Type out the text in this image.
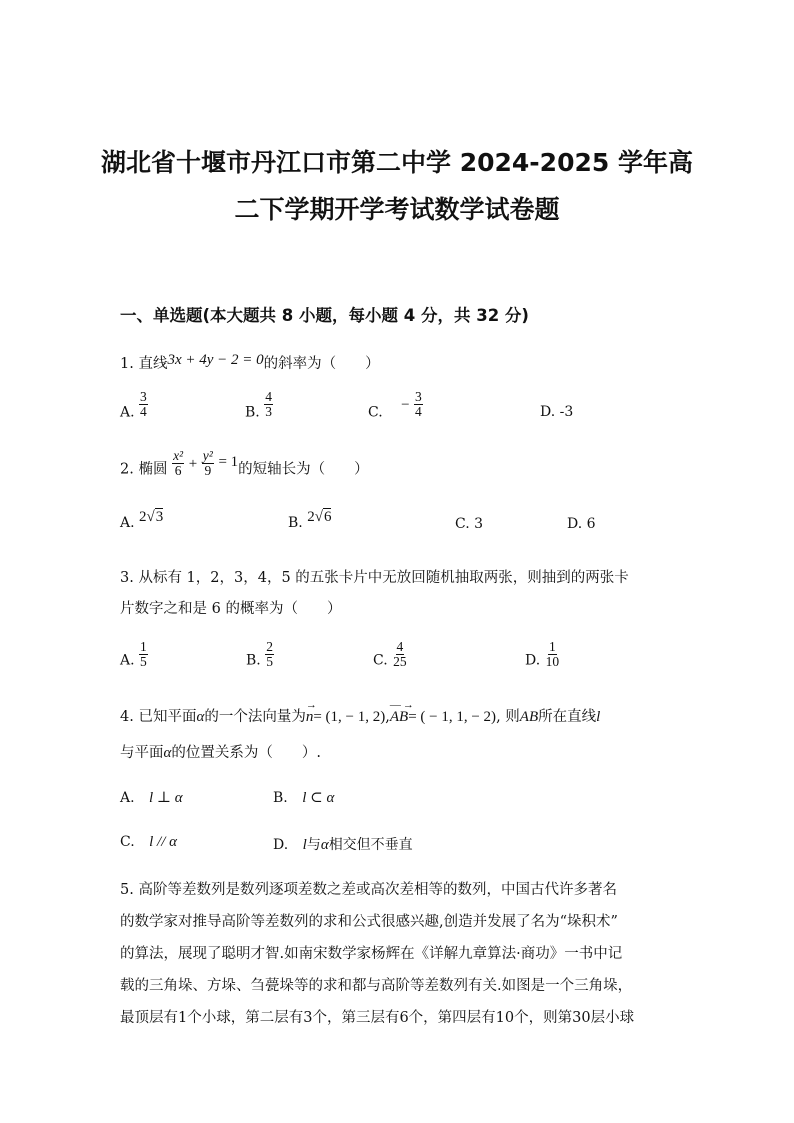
湖北省十堰市丹江口市第二中学 2024-2025 学年高
二下学期开学考试数学试卷题
一、单选题(本大题共 8 小题，每小题 4 分，共 32 分)
1. 直线3x + 4y − 2 = 0的斜率为（　　）
A. $\frac{3}{4}$	B. $\frac{4}{3}$	C. − $\frac{3}{4}$	D. -3
2. 椭圆 $\frac{\text{x²}}{6} + \frac{\text{y²}}{9} = 1$的短轴长为（　　）
A. 2√3	B. 2√6	C. 3	D. 6
3. 从标有 1，2，3，4，5 的五张卡片中无放回随机抽取两张，则抽到的两张卡
片数字之和是 6 的概率为（　　）
A. $\frac{1}{5}$	B. $\frac{2}{5}$	C. $\frac{4}{25}$	D. $\frac{1}{10}$
4. 已知平面α的一个法向量为
→
n= (1, − 1, 2),
—→
AB= ( − 1, 1, − 2), 则AB所在直线l
与平面α的位置关系为（　　）.
A. l ⊥ α	B. l ⊂ α
C. l // α	D. l与α相交但不垂直
5. 高阶等差数列是数列逐项差数之差或高次差相等的数列，中国古代许多著名
的数学家对推导高阶等差数列的求和公式很感兴趣,创造并发展了名为“垛积术”
的算法，展现了聪明才智.如南宋数学家杨辉在《详解九章算法·商功》一书中记
载的三角垛、方垛、刍甍垛等的求和都与高阶等差数列有关.如图是一个三角垛，
最顶层有1个小球，第二层有3个，第三层有6个，第四层有10个，则第30层小球
